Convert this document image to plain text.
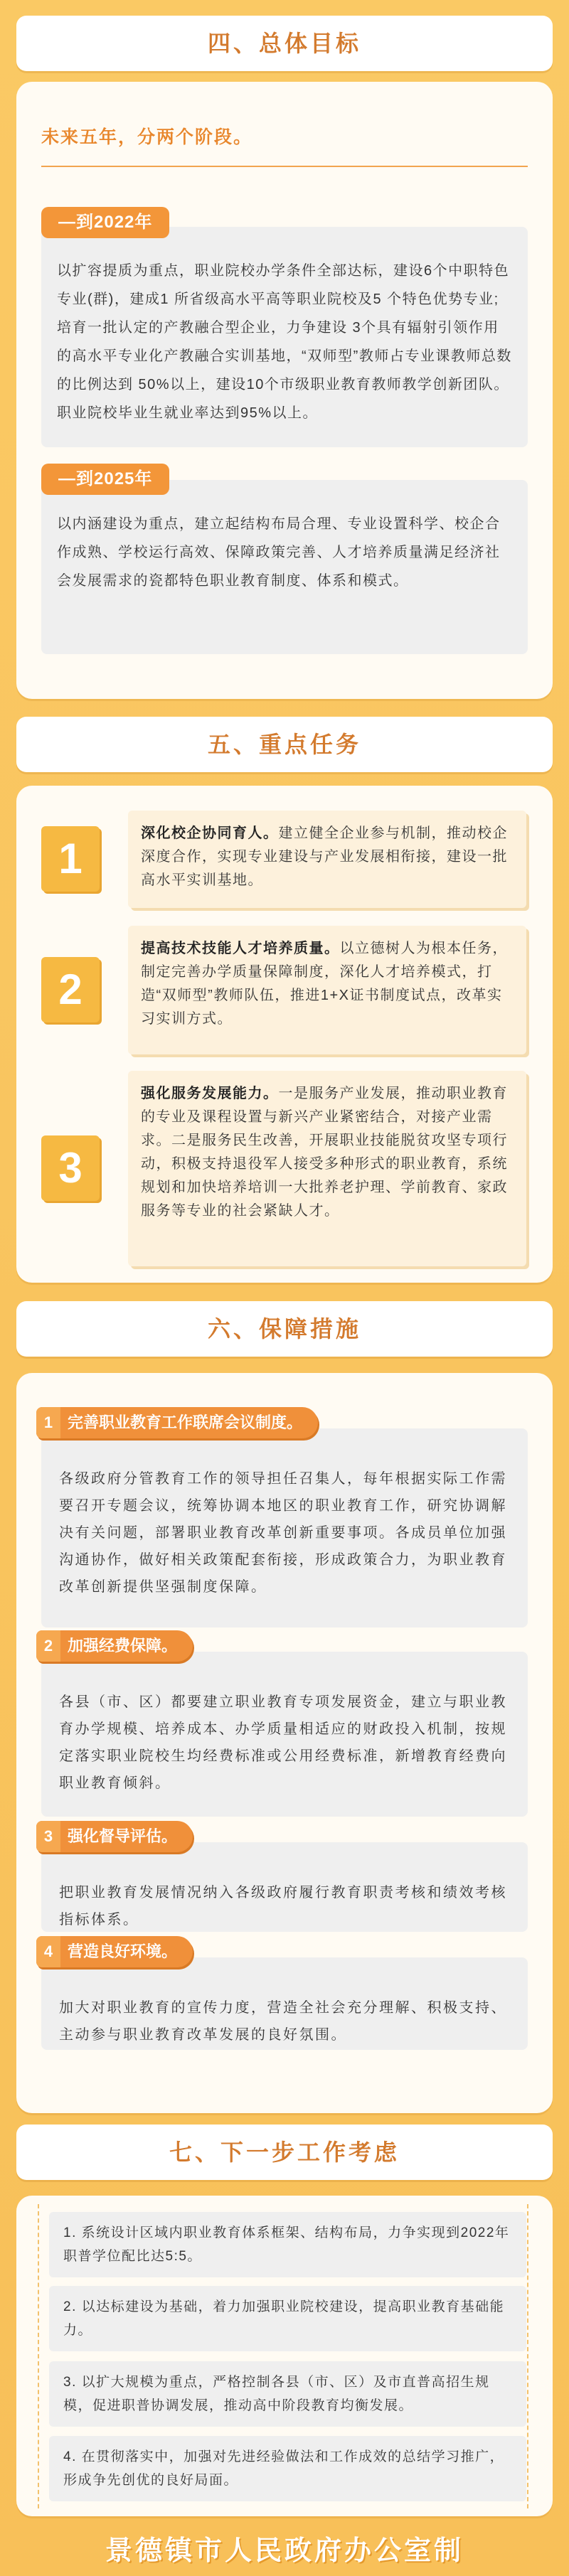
四、总体目标
未来五年，分两个阶段。
—到2022年
以扩容提质为重点，职业院校办学条件全部达标，建设6个中职特色专业(群)，建成1 所省级高水平高等职业院校及5 个特色优势专业;培育一批认定的产教融合型企业，力争建设 3个具有辐射引领作用的高水平专业化产教融合实训基地，“双师型”教师占专业课教师总数的比例达到 50%以上，建设10个市级职业教育教师教学创新团队。职业院校毕业生就业率达到95%以上。
—到2025年
以内涵建设为重点，建立起结构布局合理、专业设置科学、校企合作成熟、学校运行高效、保障政策完善、人才培养质量满足经济社会发展需求的瓷都特色职业教育制度、体系和模式。
五、重点任务
1
深化校企协同育人。建立健全企业参与机制，推动校企深度合作，实现专业建设与产业发展相衔接，建设一批高水平实训基地。
2
提高技术技能人才培养质量。以立德树人为根本任务，制定完善办学质量保障制度，深化人才培养模式，打造“双师型”教师队伍，推进1+X证书制度试点，改革实习实训方式。
3
强化服务发展能力。一是服务产业发展，推动职业教育的专业及课程设置与新兴产业紧密结合，对接产业需求。二是服务民生改善，开展职业技能脱贫攻坚专项行动，积极支持退役军人接受多种形式的职业教育，系统规划和加快培养培训一大批养老护理、学前教育、家政服务等专业的社会紧缺人才。
六、保障措施
1 完善职业教育工作联席会议制度。
各级政府分管教育工作的领导担任召集人，每年根据实际工作需要召开专题会议，统筹协调本地区的职业教育工作，研究协调解决有关问题，部署职业教育改革创新重要事项。各成员单位加强沟通协作，做好相关政策配套衔接，形成政策合力，为职业教育改革创新提供坚强制度保障。
2 加强经费保障。
各县（市、区）都要建立职业教育专项发展资金，建立与职业教育办学规模、培养成本、办学质量相适应的财政投入机制，按规定落实职业院校生均经费标准或公用经费标准，新增教育经费向职业教育倾斜。
3 强化督导评估。
把职业教育发展情况纳入各级政府履行教育职责考核和绩效考核指标体系。
4 营造良好环境。
加大对职业教育的宣传力度，营造全社会充分理解、积极支持、主动参与职业教育改革发展的良好氛围。
七、下一步工作考虑
1. 系统设计区域内职业教育体系框架、结构布局，力争实现到2022年职普学位配比达5:5。
2. 以达标建设为基础，着力加强职业院校建设，提高职业教育基础能力。
3. 以扩大规模为重点，严格控制各县（市、区）及市直普高招生规模，促进职普协调发展，推动高中阶段教育均衡发展。
4. 在贯彻落实中，加强对先进经验做法和工作成效的总结学习推广，形成争先创优的良好局面。
景德镇市人民政府办公室制
